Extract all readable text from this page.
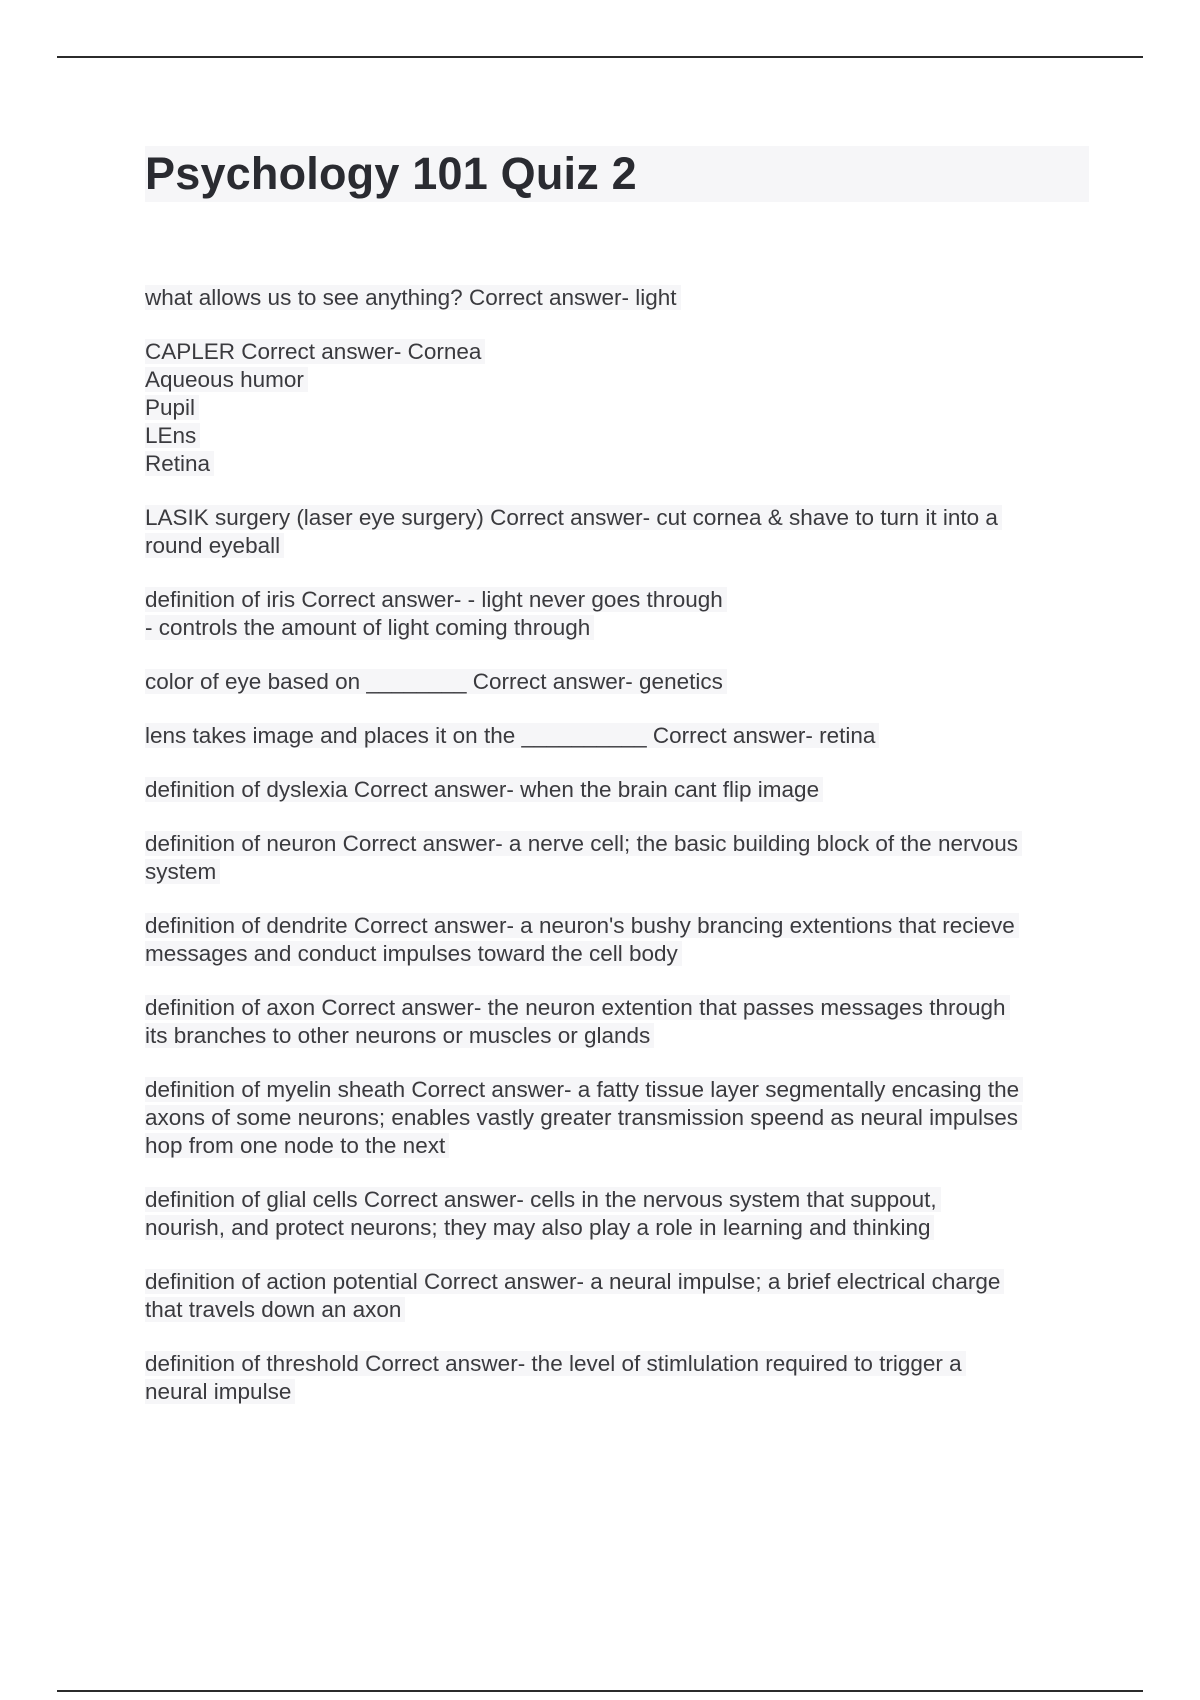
Psychology 101 Quiz 2
what allows us to see anything? Correct answer- light
CAPLER Correct answer- Cornea
Aqueous humor
Pupil
LEns
Retina
LASIK surgery (laser eye surgery) Correct answer- cut cornea & shave to turn it into a
round eyeball
definition of iris Correct answer- - light never goes through
- controls the amount of light coming through
color of eye based on ________ Correct answer- genetics
lens takes image and places it on the __________ Correct answer- retina
definition of dyslexia Correct answer- when the brain cant flip image
definition of neuron Correct answer- a nerve cell; the basic building block of the nervous
system
definition of dendrite Correct answer- a neuron's bushy brancing extentions that recieve
messages and conduct impulses toward the cell body
definition of axon Correct answer- the neuron extention that passes messages through
its branches to other neurons or muscles or glands
definition of myelin sheath Correct answer- a fatty tissue layer segmentally encasing the
axons of some neurons; enables vastly greater transmission speend as neural impulses
hop from one node to the next
definition of glial cells Correct answer- cells in the nervous system that suppout,
nourish, and protect neurons; they may also play a role in learning and thinking
definition of action potential Correct answer- a neural impulse; a brief electrical charge
that travels down an axon
definition of threshold Correct answer- the level of stimlulation required to trigger a
neural impulse
